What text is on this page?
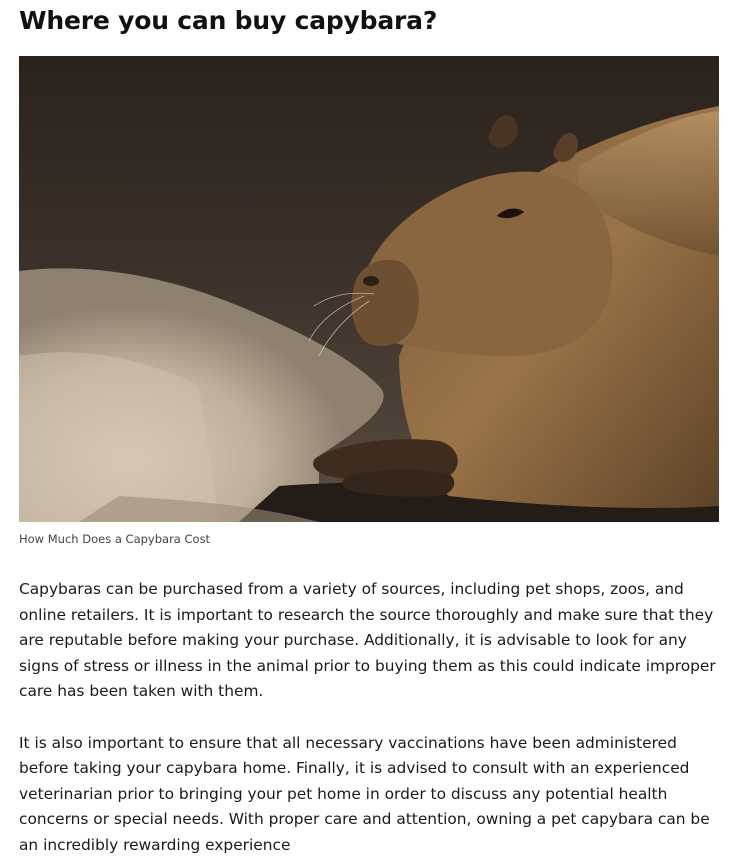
Where you can buy capybara?
How Much Does a Capybara Cost

Capybaras can be purchased from a variety of sources, including pet shops, zoos, and online retailers. It is important to research the source thoroughly and make sure that they are reputable before making your purchase. Additionally, it is advisable to look for any signs of stress or illness in the animal prior to buying them as this could indicate improper care has been taken with them.

It is also important to ensure that all necessary vaccinations have been administered before taking your capybara home. Finally, it is advised to consult with an experienced veterinarian prior to bringing your pet home in order to discuss any potential health concerns or special needs. With proper care and attention, owning a pet capybara can be an incredibly rewarding experience
